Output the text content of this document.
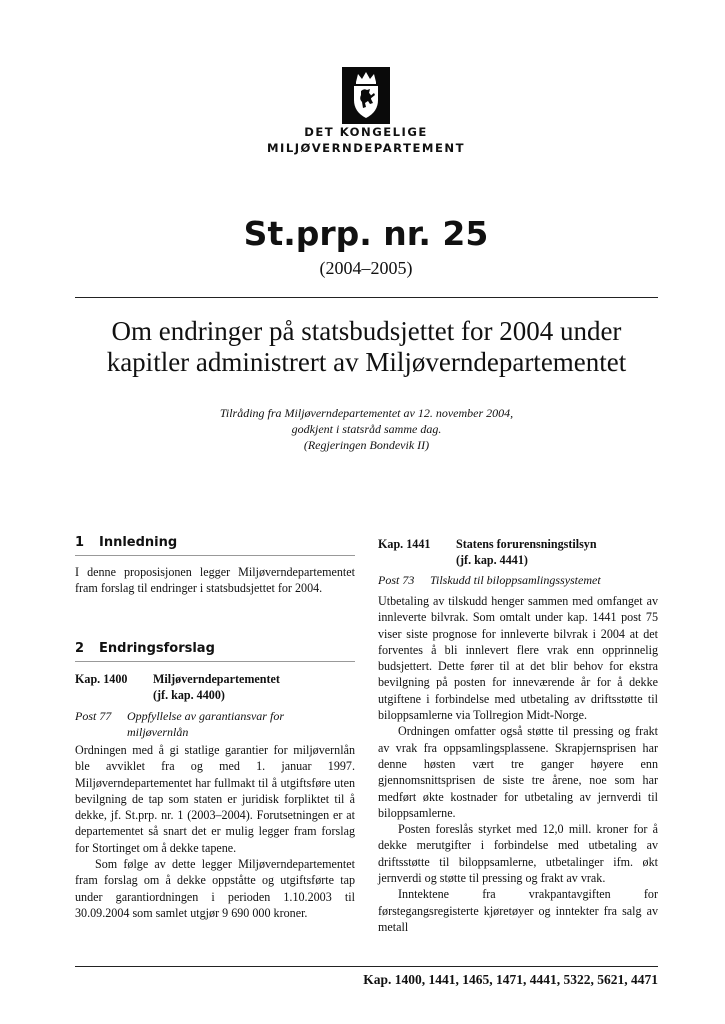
DET KONGELIGE
MILJØVERNDEPARTEMENT
St.prp. nr. 25
(2004–2005)
Om endringer på statsbudsjettet for 2004 under
kapitler administrert av Miljøverndepartementet
Tilråding fra Miljøverndepartementet av 12. november 2004,
godkjent i statsråd samme dag.
(Regjeringen Bondevik II)
1 Innledning

I denne proposisjonen legger Miljøverndepartementet fram forslag til endringer i statsbudsjettet for 2004.

2 Endringsforslag
Kap. 1400 Miljøverndepartementet
(jf. kap. 4400)
Post 77 Oppfyllelse av garantiansvar for
miljøvernlån

Ordningen med å gi statlige garantier for miljøvernlån ble avviklet fra og med 1. januar 1997. Miljøverndepartementet har fullmakt til å utgiftsføre uten bevilgning de tap som staten er juridisk forpliktet til å dekke, jf. St.prp. nr. 1 (2003–2004). Forutsetningen er at departementet så snart det er mulig legger fram forslag for Stortinget om å dekke tapene.

Som følge av dette legger Miljøverndepartementet fram forslag om å dekke oppståtte og utgiftsførte tap under garantiordningen i perioden 1.10.2003 til 30.09.2004 som samlet utgjør 9 690 000 kroner.

Kap. 1441 Statens forurensningstilsyn
(jf. kap. 4441)
Post 73 Tilskudd til biloppsamlingssystemet

Utbetaling av tilskudd henger sammen med omfanget av innleverte bilvrak. Som omtalt under kap. 1441 post 75 viser siste prognose for innleverte bilvrak i 2004 at det forventes å bli innlevert flere vrak enn opprinnelig budsjettert. Dette fører til at det blir behov for ekstra bevilgning på posten for inneværende år for å dekke utgiftene i forbindelse med utbetaling av driftsstøtte til biloppsamlerne via Tollregion Midt-Norge.

Ordningen omfatter også støtte til pressing og frakt av vrak fra oppsamlingsplassene. Skrapjernsprisen har denne høsten vært tre ganger høyere enn gjennomsnittsprisen de siste tre årene, noe som har medført økte kostnader for utbetaling av jernverdi til biloppsamlerne.

Posten foreslås styrket med 12,0 mill. kroner for å dekke merutgifter i forbindelse med utbetaling av driftsstøtte til biloppsamlerne, utbetalinger ifm. økt jernverdi og støtte til pressing og frakt av vrak.

Inntektene fra vrakpantavgiften for førstegangsregisterte kjøretøyer og inntekter fra salg av metall

Kap. 1400, 1441, 1465, 1471, 4441, 5322, 5621, 4471
